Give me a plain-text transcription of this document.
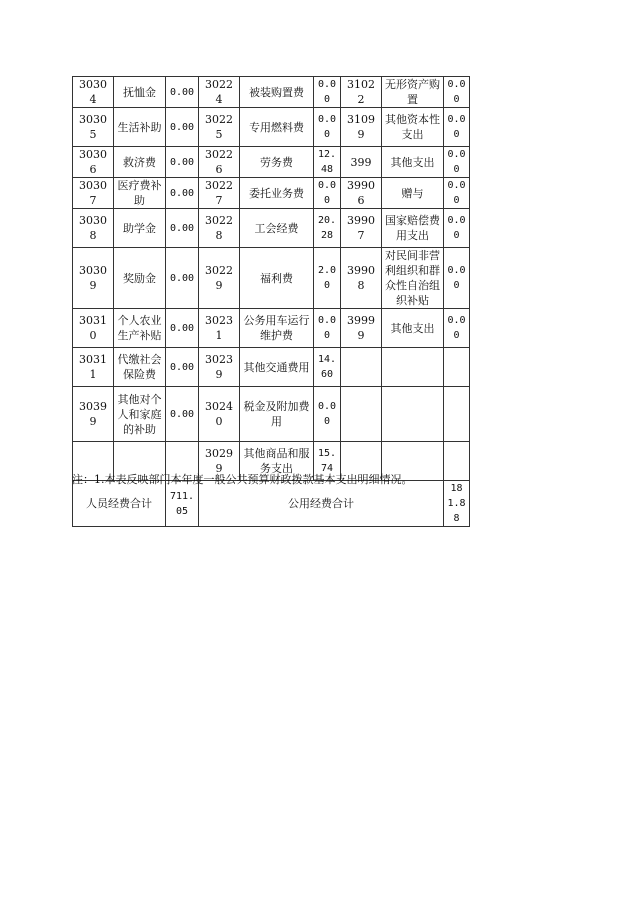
30304	抚恤金	0.00	30224	被装购置费	0.00	31022	无形资产购置	0.00
30305	生活补助	0.00	30225	专用燃料费	0.00	31099	其他资本性支出	0.00
30306	救济费	0.00	30226	劳务费	12.48	399	其他支出	0.00
30307	医疗费补助	0.00	30227	委托业务费	0.00	39906	赠与	0.00
30308	助学金	0.00	30228	工会经费	20.28	39907	国家赔偿费用支出	0.00
30309	奖励金	0.00	30229	福利费	2.00	39908	对民间非营利组织和群众性自治组织补贴	0.00
30310	个人农业生产补贴	0.00	30231	公务用车运行维护费	0.00	39999	其他支出	0.00
30311	代缴社会保险费	0.00	30239	其他交通费用	14.60			
30399	其他对个人和家庭的补助	0.00	30240	税金及附加费用	0.00			
			30299	其他商品和服务支出	15.74			
人员经费合计		711.05	公用经费合计					181.88
注：1.本表反映部门本年度一般公共预算财政拨款基本支出明细情况。
